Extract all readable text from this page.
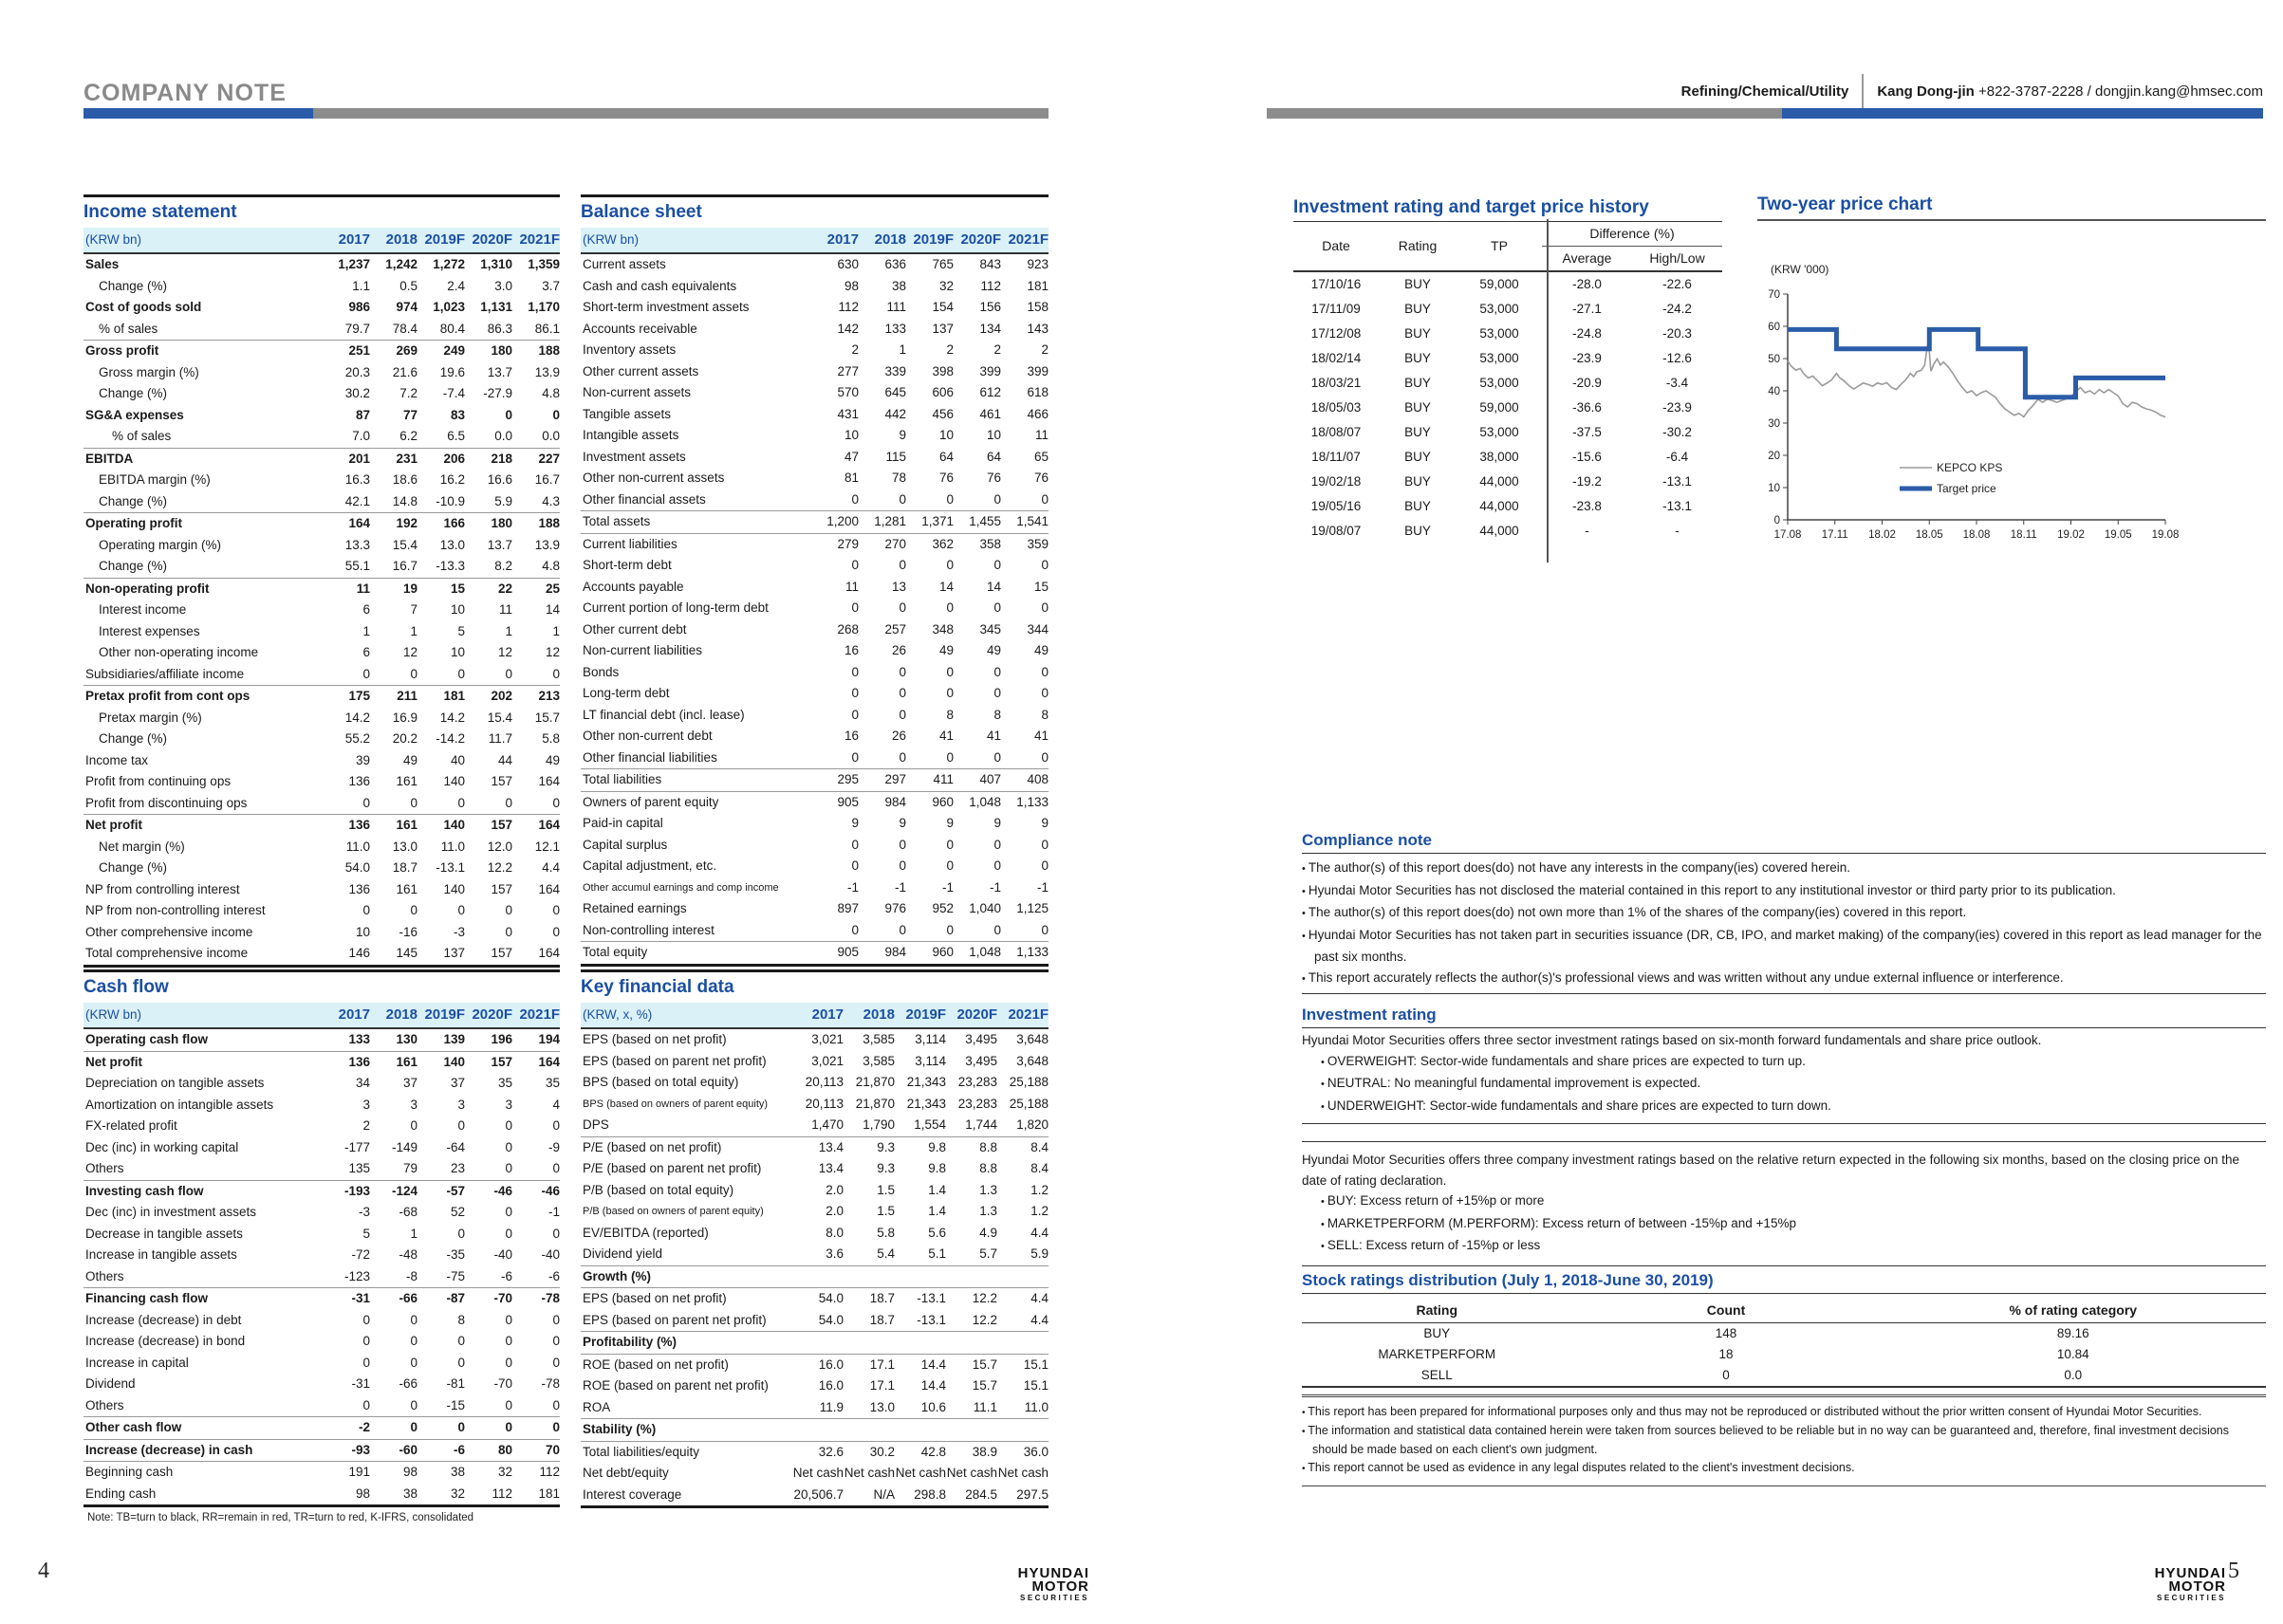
COMPANY NOTE	Refining/Chemical/Utility Kang Dong-jin +822-3787-2228 / dongjin.kang@hmsec.com
Income statement
(KRW bn)	2017	2018 2019F 2020F 2021F
Sales	1,237	1,242	1,272	1,310	1,359
Change (%)	1.1	0.5	2.4	3.0	3.7
Cost of goods sold	986	974	1,023	1,131	1,170
% of sales	79.7	78.4	80.4	86.3	86.1
Gross profit	251	269	249	180	188
Gross margin (%)	20.3	21.6	19.6	13.7	13.9
Change (%)	30.2	7.2	-7.4	-27.9	4.8
SG&A expenses	87	77	83	0	0
% of sales	7.0	6.2	6.5	0.0	0.0
EBITDA	201	231	206	218	227
EBITDA margin (%)	16.3	18.6	16.2	16.6	16.7
Change (%)	42.1	14.8	-10.9	5.9	4.3
Operating profit	164	192	166	180	188
Operating margin (%)	13.3	15.4	13.0	13.7	13.9
Change (%)	55.1	16.7	-13.3	8.2	4.8
Non-operating profit	11	19	15	22	25
Interest income	6	7	10	11	14
Interest expenses	1	1	5	1	1
Other non-operating income	6	12	10	12	12
Subsidiaries/affiliate income	0	0	0	0	0
Pretax profit from cont ops	175	211	181	202	213
Pretax margin (%)	14.2	16.9	14.2	15.4	15.7
Change (%)	55.2	20.2	-14.2	11.7	5.8
Income tax	39	49	40	44	49
Profit from continuing ops	136	161	140	157	164
Profit from discontinuing ops	0	0	0	0	0
Net profit	136	161	140	157	164
Net margin (%)	11.0	13.0	11.0	12.0	12.1
Change (%)	54.0	18.7	-13.1	12.2	4.4
NP from controlling interest	136	161	140	157	164
NP from non-controlling interest	0	0	0	0	0
Other comprehensive income	10	-16	-3	0	0
Total comprehensive income	146	145	137	157	164
Balance sheet
(KRW bn)	2017	2018 2019F 2020F 2021F
Current assets	630	636	765	843	923
Cash and cash equivalents	98	38	32	112	181
Short-term investment assets	112	111	154	156	158
Accounts receivable	142	133	137	134	143
Inventory assets	2	1	2	2	2
Other current assets	277	339	398	399	399
Non-current assets	570	645	606	612	618
Tangible assets	431	442	456	461	466
Intangible assets	10	9	10	10	11
Investment assets	47	115	64	64	65
Other non-current assets	81	78	76	76	76
Other financial assets	0	0	0	0	0
Total assets	1,200	1,281	1,371	1,455	1,541
Current liabilities	279	270	362	358	359
Short-term debt	0	0	0	0	0
Accounts payable	11	13	14	14	15
Current portion of long-term debt	0	0	0	0	0
Other current debt	268	257	348	345	344
Non-current liabilities	16	26	49	49	49
Bonds	0	0	0	0	0
Long-term debt	0	0	0	0	0
LT financial debt (incl. lease)	0	0	8	8	8
Other non-current debt	16	26	41	41	41
Other financial liabilities	0	0	0	0	0
Total liabilities	295	297	411	407	408
Owners of parent equity	905	984	960	1,048	1,133
Paid-in capital	9	9	9	9	9
Capital surplus	0	0	0	0	0
Capital adjustment, etc.	0	0	0	0	0
Other accumul earnings and comp income	-1	-1	-1	-1	-1
Retained earnings	897	976	952	1,040	1,125
Non-controlling interest	0	0	0	0	0
Total equity	905	984	960	1,048	1,133
Cash flow
(KRW bn)	2017	2018 2019F 2020F 2021F
Operating cash flow	133	130	139	196	194
Net profit	136	161	140	157	164
Depreciation on tangible assets	34	37	37	35	35
Amortization on intangible assets	3	3	3	3	4
FX-related profit	2	0	0	0	0
Dec (inc) in working capital	-177	-149	-64	0	-9
Others	135	79	23	0	0
Investing cash flow	-193	-124	-57	-46	-46
Dec (inc) in investment assets	-3	-68	52	0	-1
Decrease in tangible assets	5	1	0	0	0
Increase in tangible assets	-72	-48	-35	-40	-40
Others	-123	-8	-75	-6	-6
Financing cash flow	-31	-66	-87	-70	-78
Increase (decrease) in debt	0	0	8	0	0
Increase (decrease) in bond	0	0	0	0	0
Increase in capital	0	0	0	0	0
Dividend	-31	-66	-81	-70	-78
Others	0	0	-15	0	0
Other cash flow	-2	0	0	0	0
Increase (decrease) in cash	-93	-60	-6	80	70
Beginning cash	191	98	38	32	112
Ending cash	98	38	32	112	181
Note: TB=turn to black, RR=remain in red, TR=turn to red, K-IFRS, consolidated
Key financial data
(KRW, x, %)	2017	2018 2019F 2020F 2021F
EPS (based on net profit)	3,021	3,585	3,114	3,495	3,648
EPS (based on parent net profit)	3,021	3,585	3,114	3,495	3,648
BPS (based on total equity)	20,113 21,870 21,343 23,283 25,188
BPS (based on owners of parent equity)	20,113 21,870 21,343 23,283 25,188
DPS	1,470	1,790	1,554	1,744	1,820
P/E (based on net profit)	13.4	9.3	9.8	8.8	8.4
P/E (based on parent net profit)	13.4	9.3	9.8	8.8	8.4
P/B (based on total equity)	2.0	1.5	1.4	1.3	1.2
P/B (based on owners of parent equity)	2.0	1.5	1.4	1.3	1.2
EV/EBITDA (reported)	8.0	5.8	5.6	4.9	4.4
Dividend yield	3.6	5.4	5.1	5.7	5.9
Growth (%)
EPS (based on net profit)	54.0	18.7	-13.1	12.2	4.4
EPS (based on parent net profit)	54.0	18.7	-13.1	12.2	4.4
Profitability (%)
ROE (based on net profit)	16.0	17.1	14.4	15.7	15.1
ROE (based on parent net profit)	16.0	17.1	14.4	15.7	15.1
ROA	11.9	13.0	10.6	11.1	11.0
Stability (%)
Total liabilities/equity	32.6	30.2	42.8	38.9	36.0
Net debt/equity	Net cash Net cash Net cash Net cash Net cash
Interest coverage	20,506.7	N/A	298.8	284.5	297.5
Investment rating and target price history
Date	Rating	TP
Difference (%)
Average	High/Low
17/10/16	BUY	59,000	-28.0	-22.6
17/11/09	BUY	53,000	-27.1	-24.2
17/12/08	BUY	53,000	-24.8	-20.3
18/02/14	BUY	53,000	-23.9	-12.6
18/03/21	BUY	53,000	-20.9	-3.4
18/05/03	BUY	59,000	-36.6	-23.9
18/08/07	BUY	53,000	-37.5	-30.2
18/11/07	BUY	38,000	-15.6	-6.4
19/02/18	BUY	44,000	-19.2	-13.1
19/05/16	BUY	44,000	-23.8	-13.1
19/08/07	BUY	44,000	-	-
Two-year price chart
(KRW '000)
0
10
20
30
40
50
60
70
17.08 17.11 18.02 18.05 18.08 18.11 19.02 19.05 19.08
KEPCO KPS
Target price
Compliance note
• The author(s) of this report does(do) not have any interests in the company(ies) covered herein.
• Hyundai Motor Securities has not disclosed the material contained in this report to any institutional investor or third party prior to its publication.
• The author(s) of this report does(do) not own more than 1% of the shares of the company(ies) covered in this report.
• Hyundai Motor Securities has not taken part in securities issuance (DR, CB, IPO, and market making) of the company(ies) covered in this report as lead manager for the past six months.
• This report accurately reflects the author(s)'s professional views and was written without any undue external influence or interference.
Investment rating
Hyundai Motor Securities offers three sector investment ratings based on six-month forward fundamentals and share price outlook.
• OVERWEIGHT: Sector-wide fundamentals and share prices are expected to turn up.
• NEUTRAL: No meaningful fundamental improvement is expected.
• UNDERWEIGHT: Sector-wide fundamentals and share prices are expected to turn down.
Hyundai Motor Securities offers three company investment ratings based on the relative return expected in the following six months, based on the closing price on the date of rating declaration.
• BUY: Excess return of +15%p or more
• MARKETPERFORM (M.PERFORM): Excess return of between -15%p and +15%p
• SELL: Excess return of -15%p or less
Stock ratings distribution (July 1, 2018-June 30, 2019)
Rating	Count	% of rating category
BUY	148	89.16
MARKETPERFORM	18	10.84
SELL	0	0.0
• This report has been prepared for informational purposes only and thus may not be reproduced or distributed without the prior written consent of Hyundai Motor Securities.
• The information and statistical data contained herein were taken from sources believed to be reliable but in no way can be guaranteed and, therefore, final investment decisions should be made based on each client's own judgment.
• This report cannot be used as evidence in any legal disputes related to the client's investment decisions.
4	HYUNDAI MOTOR
SECURITIES
HYUNDAI MOTOR
SECURITIES
5
